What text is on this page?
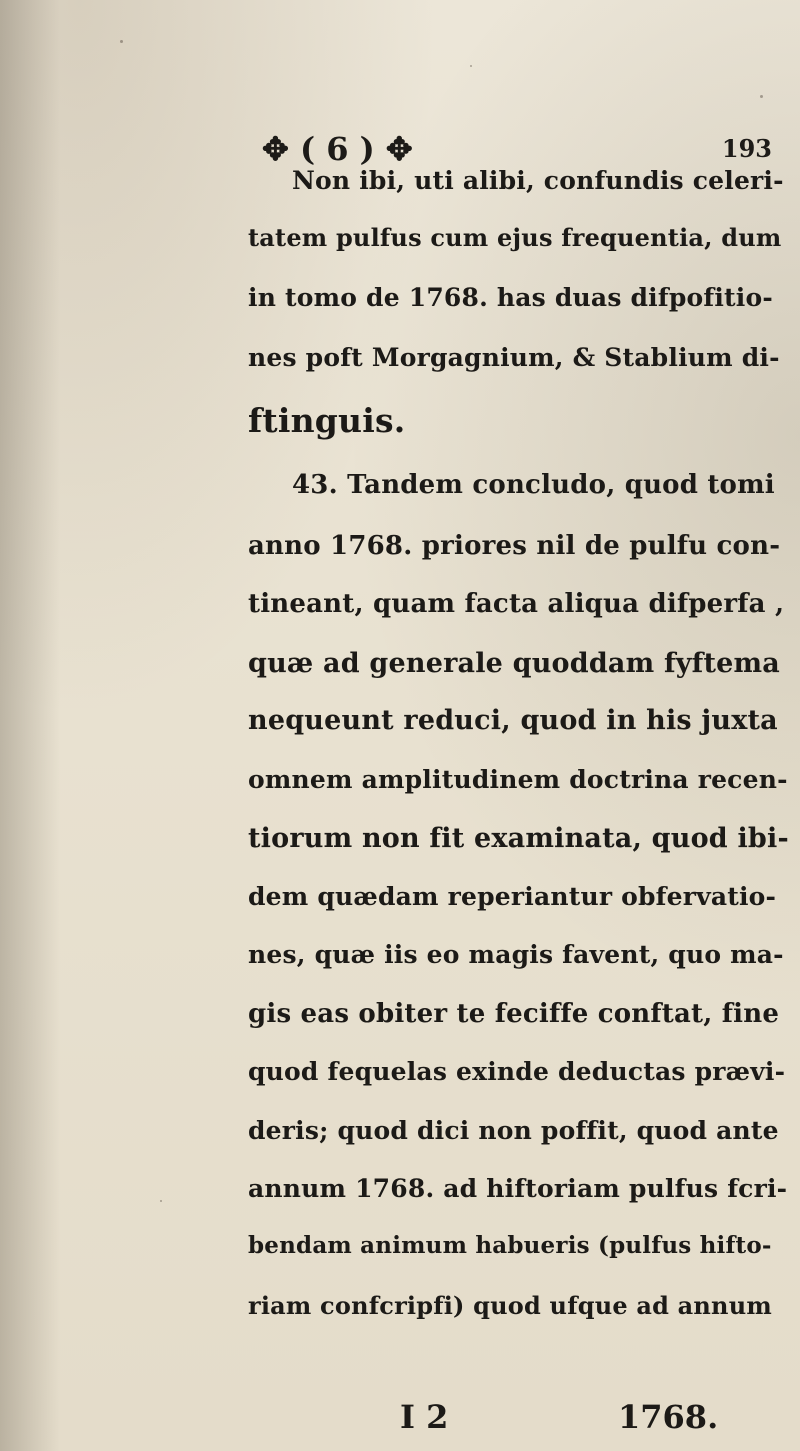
✥ ( 6 ) ✥	193
Non ibi, uti alibi, confundis celeri-
tatem pulfus cum ejus frequentia, dum
in tomo de 1768. has duas difpofitio-
nes poft Morgagnium, & Stablium di-
ftinguis.
43. Tandem concludo, quod tomi
anno 1768. priores nil de pulfu con-
tineant, quam facta aliqua difperfa ,
quæ ad generale quoddam fyftema
nequeunt reduci, quod in his juxta
omnem amplitudinem doctrina recen-
tiorum non fit examinata, quod ibi-
dem quædam reperiantur obfervatio-
nes, quæ iis eo magis favent, quo ma-
gis eas obiter te feciffe conftat, fine
quod fequelas exinde deductas prævi-
deris; quod dici non poffit, quod ante
annum 1768. ad hiftoriam pulfus fcri-
bendam animum habueris (pulfus hifto-
riam confcripfi) quod ufque ad annum
I 2	1768.
